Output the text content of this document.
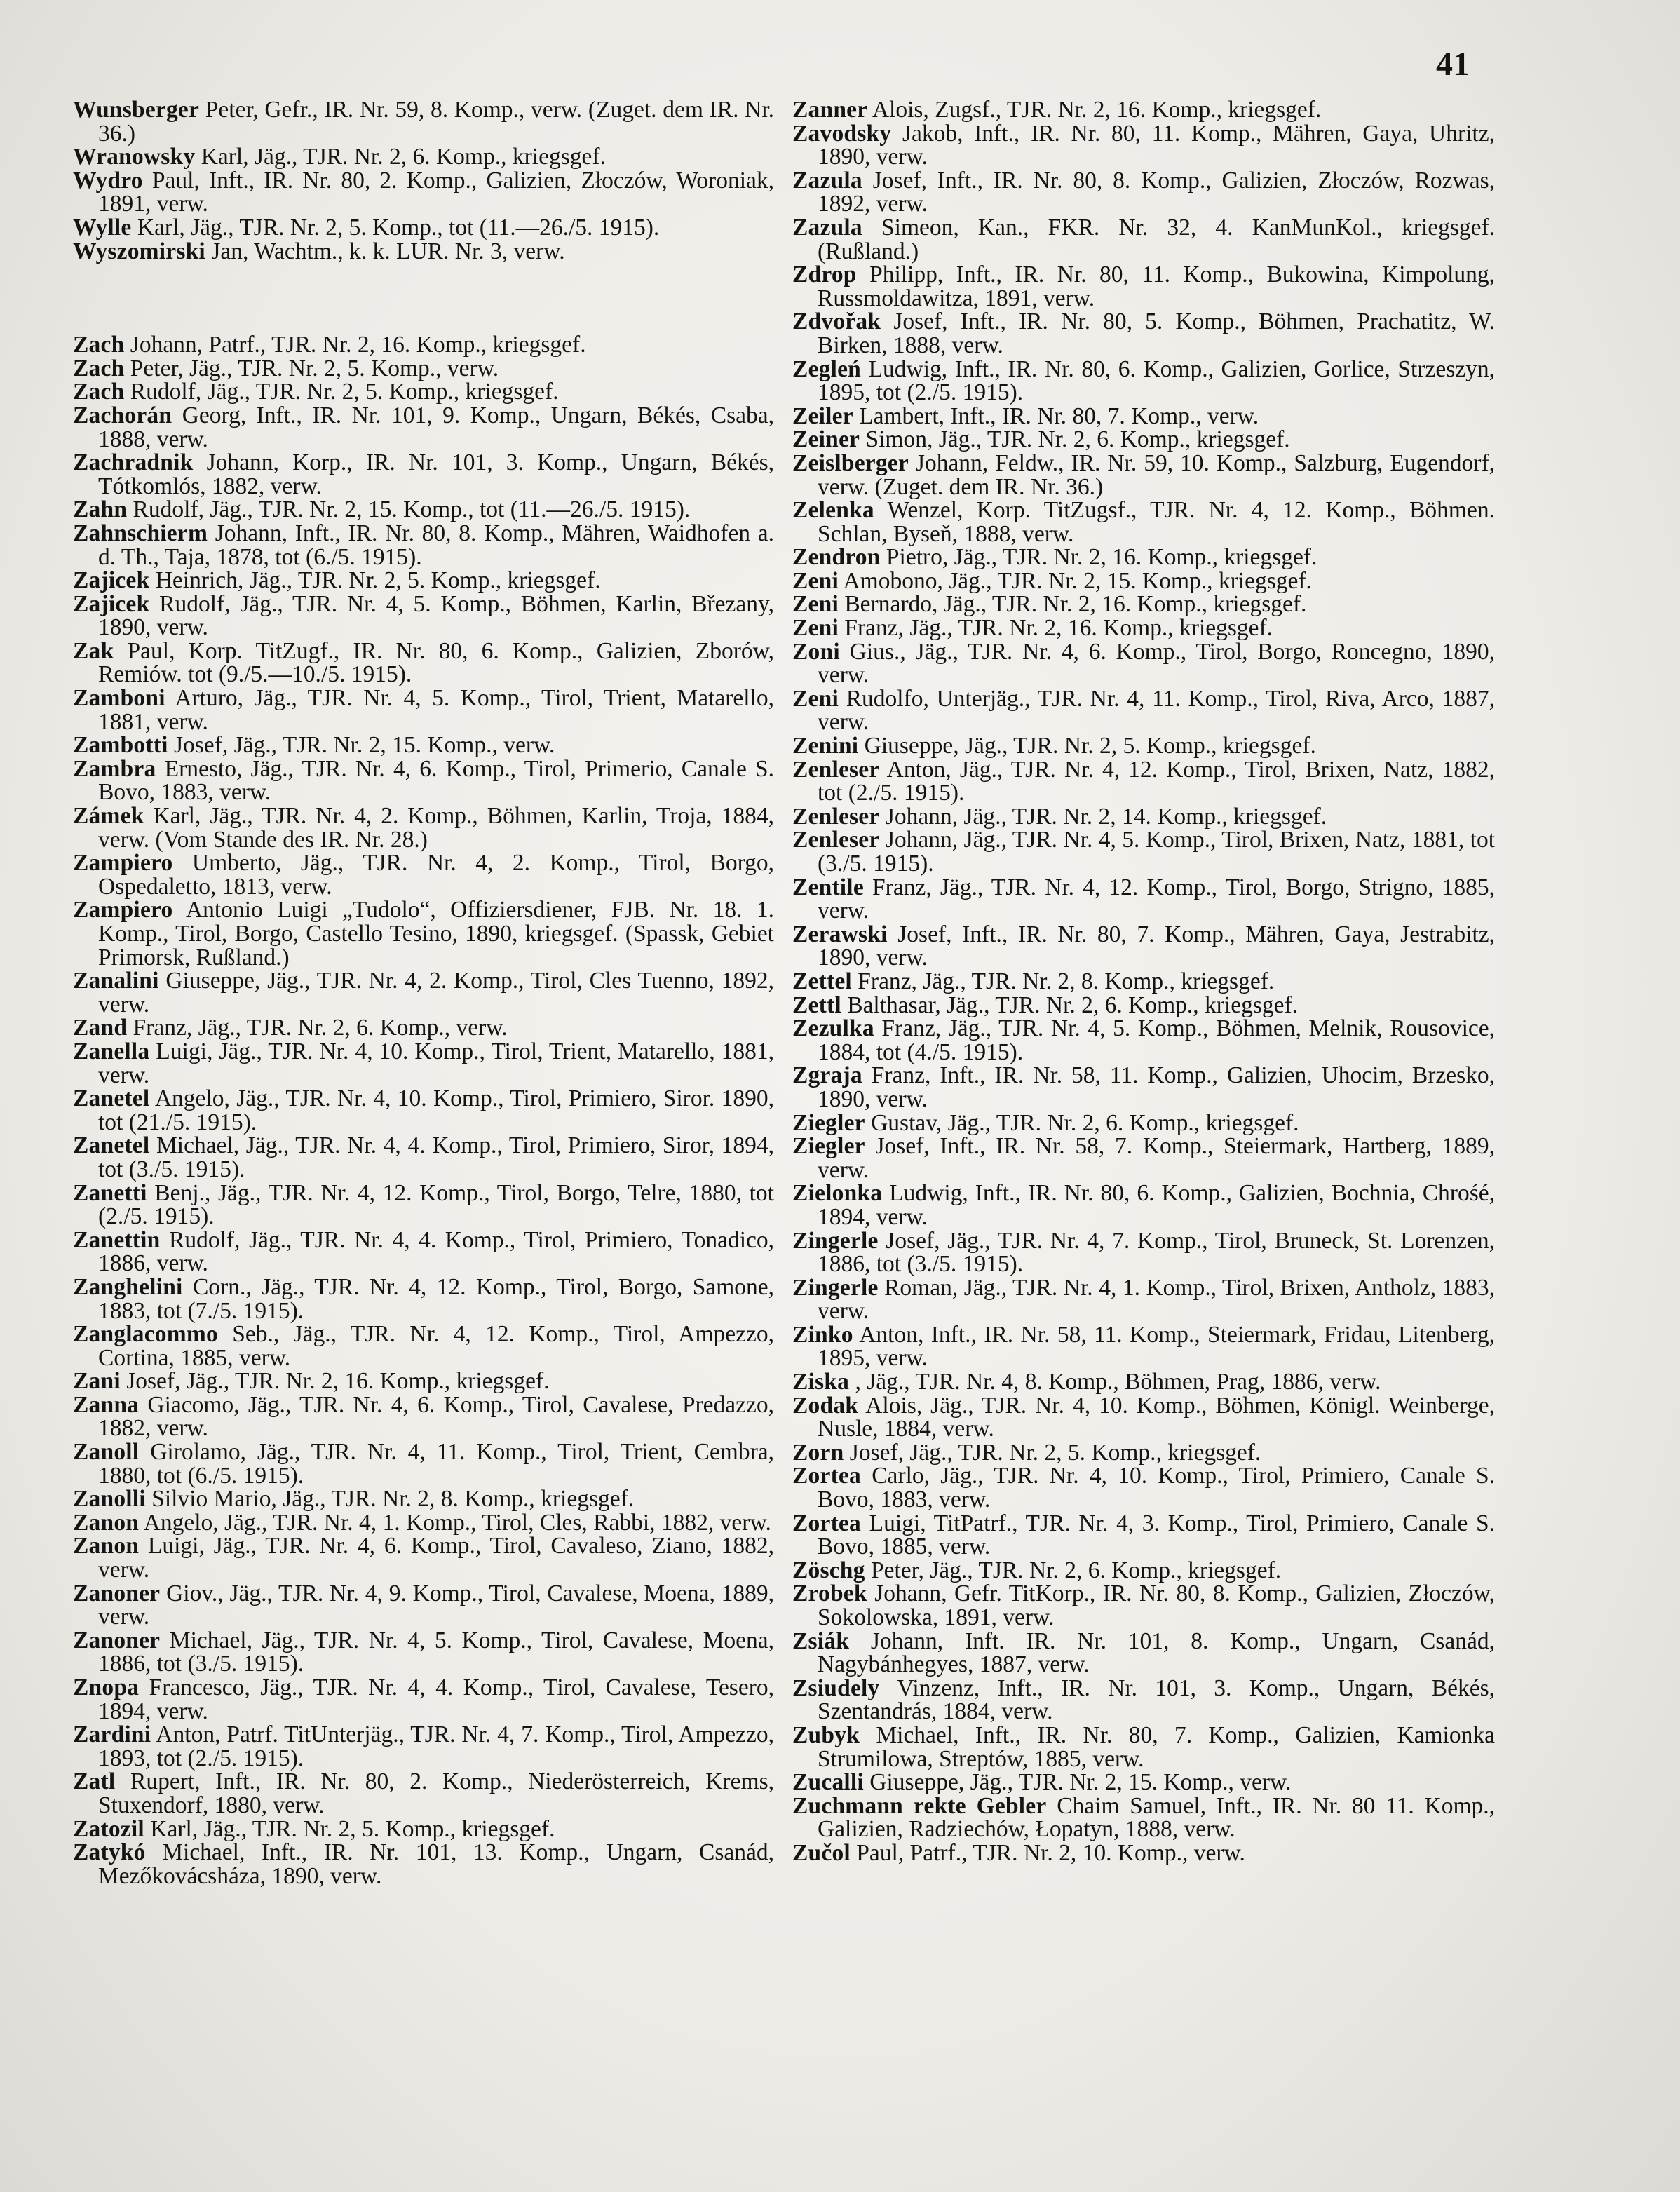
41

Wunsberger Peter, Gefr., IR. Nr. 59, 8. Komp., verw. (Zuget. dem IR. Nr. 36.)

Wranowsky Karl, Jäg., TJR. Nr. 2, 6. Komp., kriegsgef.

Wydro Paul, Inft., IR. Nr. 80, 2. Komp., Galizien, Złoczów, Woroniak, 1891, verw.

Wylle Karl, Jäg., TJR. Nr. 2, 5. Komp., tot (11.—26./5. 1915).

Wyszomirski Jan, Wachtm., k. k. LUR. Nr. 3, verw.

Zach Johann, Patrf., TJR. Nr. 2, 16. Komp., kriegsgef.

Zach Peter, Jäg., TJR. Nr. 2, 5. Komp., verw.

Zach Rudolf, Jäg., TJR. Nr. 2, 5. Komp., kriegsgef.

Zachorán Georg, Inft., IR. Nr. 101, 9. Komp., Ungarn, Békés, Csaba, 1888, verw.

Zachradnik Johann, Korp., IR. Nr. 101, 3. Komp., Ungarn, Békés, Tótkomlós, 1882, verw.

Zahn Rudolf, Jäg., TJR. Nr. 2, 15. Komp., tot (11.—26./5. 1915).

Zahnschierm Johann, Inft., IR. Nr. 80, 8. Komp., Mähren, Waidhofen a. d. Th., Taja, 1878, tot (6./5. 1915).

Zajicek Heinrich, Jäg., TJR. Nr. 2, 5. Komp., kriegsgef.

Zajicek Rudolf, Jäg., TJR. Nr. 4, 5. Komp., Böhmen, Karlin, Březany, 1890, verw.

Zak Paul, Korp. TitZugf., IR. Nr. 80, 6. Komp., Galizien, Zborów, Remiów. tot (9./5.—10./5. 1915).

Zamboni Arturo, Jäg., TJR. Nr. 4, 5. Komp., Tirol, Trient, Matarello, 1881, verw.

Zambotti Josef, Jäg., TJR. Nr. 2, 15. Komp., verw.

Zambra Ernesto, Jäg., TJR. Nr. 4, 6. Komp., Tirol, Primerio, Canale S. Bovo, 1883, verw.

Zámek Karl, Jäg., TJR. Nr. 4, 2. Komp., Böhmen, Karlin, Troja, 1884, verw. (Vom Stande des IR. Nr. 28.)

Zampiero Umberto, Jäg., TJR. Nr. 4, 2. Komp., Tirol, Borgo, Ospedaletto, 1813, verw.

Zampiero Antonio Luigi „Tudolo“, Offiziersdiener, FJB. Nr. 18. 1. Komp., Tirol, Borgo, Castello Tesino, 1890, kriegsgef. (Spassk, Gebiet Primorsk, Rußland.)

Zanalini Giuseppe, Jäg., TJR. Nr. 4, 2. Komp., Tirol, Cles Tuenno, 1892, verw.

Zand Franz, Jäg., TJR. Nr. 2, 6. Komp., verw.

Zanella Luigi, Jäg., TJR. Nr. 4, 10. Komp., Tirol, Trient, Matarello, 1881, verw.

Zanetel Angelo, Jäg., TJR. Nr. 4, 10. Komp., Tirol, Primiero, Siror. 1890, tot (21./5. 1915).

Zanetel Michael, Jäg., TJR. Nr. 4, 4. Komp., Tirol, Primiero, Siror, 1894, tot (3./5. 1915).

Zanetti Benj., Jäg., TJR. Nr. 4, 12. Komp., Tirol, Borgo, Telre, 1880, tot (2./5. 1915).

Zanettin Rudolf, Jäg., TJR. Nr. 4, 4. Komp., Tirol, Primiero, Tonadico, 1886, verw.

Zanghelini Corn., Jäg., TJR. Nr. 4, 12. Komp., Tirol, Borgo, Samone, 1883, tot (7./5. 1915).

Zanglacommo Seb., Jäg., TJR. Nr. 4, 12. Komp., Tirol, Ampezzo, Cortina, 1885, verw.

Zani Josef, Jäg., TJR. Nr. 2, 16. Komp., kriegsgef.

Zanna Giacomo, Jäg., TJR. Nr. 4, 6. Komp., Tirol, Cavalese, Predazzo, 1882, verw.

Zanoll Girolamo, Jäg., TJR. Nr. 4, 11. Komp., Tirol, Trient, Cembra, 1880, tot (6./5. 1915).

Zanolli Silvio Mario, Jäg., TJR. Nr. 2, 8. Komp., kriegsgef.

Zanon Angelo, Jäg., TJR. Nr. 4, 1. Komp., Tirol, Cles, Rabbi, 1882, verw.

Zanon Luigi, Jäg., TJR. Nr. 4, 6. Komp., Tirol, Cavaleso, Ziano, 1882, verw.

Zanoner Giov., Jäg., TJR. Nr. 4, 9. Komp., Tirol, Cavalese, Moena, 1889, verw.

Zanoner Michael, Jäg., TJR. Nr. 4, 5. Komp., Tirol, Cavalese, Moena, 1886, tot (3./5. 1915).

Znopa Francesco, Jäg., TJR. Nr. 4, 4. Komp., Tirol, Cavalese, Tesero, 1894, verw.

Zardini Anton, Patrf. TitUnterjäg., TJR. Nr. 4, 7. Komp., Tirol, Ampezzo, 1893, tot (2./5. 1915).

Zatl Rupert, Inft., IR. Nr. 80, 2. Komp., Niederösterreich, Krems, Stuxendorf, 1880, verw.

Zatozil Karl, Jäg., TJR. Nr. 2, 5. Komp., kriegsgef.

Zatykó Michael, Inft., IR. Nr. 101, 13. Komp., Ungarn, Csanád, Mezőkovácsháza, 1890, verw.

Zanner Alois, Zugsf., TJR. Nr. 2, 16. Komp., kriegsgef.

Zavodsky Jakob, Inft., IR. Nr. 80, 11. Komp., Mähren, Gaya, Uhritz, 1890, verw.

Zazula Josef, Inft., IR. Nr. 80, 8. Komp., Galizien, Złoczów, Rozwas, 1892, verw.

Zazula Simeon, Kan., FKR. Nr. 32, 4. KanMunKol., kriegsgef. (Rußland.)

Zdrop Philipp, Inft., IR. Nr. 80, 11. Komp., Bukowina, Kimpolung, Russmoldawitza, 1891, verw.

Zdvořak Josef, Inft., IR. Nr. 80, 5. Komp., Böhmen, Prachatitz, W. Birken, 1888, verw.

Zegleń Ludwig, Inft., IR. Nr. 80, 6. Komp., Galizien, Gorlice, Strzeszyn, 1895, tot (2./5. 1915).

Zeiler Lambert, Inft., IR. Nr. 80, 7. Komp., verw.

Zeiner Simon, Jäg., TJR. Nr. 2, 6. Komp., kriegsgef.

Zeislberger Johann, Feldw., IR. Nr. 59, 10. Komp., Salzburg, Eugendorf, verw. (Zuget. dem IR. Nr. 36.)

Zelenka Wenzel, Korp. TitZugsf., TJR. Nr. 4, 12. Komp., Böhmen. Schlan, Byseň, 1888, verw.

Zendron Pietro, Jäg., TJR. Nr. 2, 16. Komp., kriegsgef.

Zeni Amobono, Jäg., TJR. Nr. 2, 15. Komp., kriegsgef.

Zeni Bernardo, Jäg., TJR. Nr. 2, 16. Komp., kriegsgef.

Zeni Franz, Jäg., TJR. Nr. 2, 16. Komp., kriegsgef.

Zoni Gius., Jäg., TJR. Nr. 4, 6. Komp., Tirol, Borgo, Roncegno, 1890, verw.

Zeni Rudolfo, Unterjäg., TJR. Nr. 4, 11. Komp., Tirol, Riva, Arco, 1887, verw.

Zenini Giuseppe, Jäg., TJR. Nr. 2, 5. Komp., kriegsgef.

Zenleser Anton, Jäg., TJR. Nr. 4, 12. Komp., Tirol, Brixen, Natz, 1882, tot (2./5. 1915).

Zenleser Johann, Jäg., TJR. Nr. 2, 14. Komp., kriegsgef.

Zenleser Johann, Jäg., TJR. Nr. 4, 5. Komp., Tirol, Brixen, Natz, 1881, tot (3./5. 1915).

Zentile Franz, Jäg., TJR. Nr. 4, 12. Komp., Tirol, Borgo, Strigno, 1885, verw.

Zerawski Josef, Inft., IR. Nr. 80, 7. Komp., Mähren, Gaya, Jestrabitz, 1890, verw.

Zettel Franz, Jäg., TJR. Nr. 2, 8. Komp., kriegsgef.

Zettl Balthasar, Jäg., TJR. Nr. 2, 6. Komp., kriegsgef.

Zezulka Franz, Jäg., TJR. Nr. 4, 5. Komp., Böhmen, Melnik, Rousovice, 1884, tot (4./5. 1915).

Zgraja Franz, Inft., IR. Nr. 58, 11. Komp., Galizien, Uhocim, Brzesko, 1890, verw.

Ziegler Gustav, Jäg., TJR. Nr. 2, 6. Komp., kriegsgef.

Ziegler Josef, Inft., IR. Nr. 58, 7. Komp., Steiermark, Hartberg, 1889, verw.

Zielonka Ludwig, Inft., IR. Nr. 80, 6. Komp., Galizien, Bochnia, Chrośé, 1894, verw.

Zingerle Josef, Jäg., TJR. Nr. 4, 7. Komp., Tirol, Bruneck, St. Lorenzen, 1886, tot (3./5. 1915).

Zingerle Roman, Jäg., TJR. Nr. 4, 1. Komp., Tirol, Brixen, Antholz, 1883, verw.

Zinko Anton, Inft., IR. Nr. 58, 11. Komp., Steiermark, Fridau, Litenberg, 1895, verw.

Ziska , Jäg., TJR. Nr. 4, 8. Komp., Böhmen, Prag, 1886, verw.

Zodak Alois, Jäg., TJR. Nr. 4, 10. Komp., Böhmen, Königl. Weinberge, Nusle, 1884, verw.

Zorn Josef, Jäg., TJR. Nr. 2, 5. Komp., kriegsgef.

Zortea Carlo, Jäg., TJR. Nr. 4, 10. Komp., Tirol, Primiero, Canale S. Bovo, 1883, verw.

Zortea Luigi, TitPatrf., TJR. Nr. 4, 3. Komp., Tirol, Primiero, Canale S. Bovo, 1885, verw.

Zöschg Peter, Jäg., TJR. Nr. 2, 6. Komp., kriegsgef.

Zrobek Johann, Gefr. TitKorp., IR. Nr. 80, 8. Komp., Galizien, Złoczów, Sokolowska, 1891, verw.

Zsiák Johann, Inft. IR. Nr. 101, 8. Komp., Ungarn, Csanád, Nagybánhegyes, 1887, verw.

Zsiudely Vinzenz, Inft., IR. Nr. 101, 3. Komp., Ungarn, Békés, Szentandrás, 1884, verw.

Zubyk Michael, Inft., IR. Nr. 80, 7. Komp., Galizien, Kamionka Strumilowa, Streptów, 1885, verw.

Zucalli Giuseppe, Jäg., TJR. Nr. 2, 15. Komp., verw.

Zuchmann rekte Gebler Chaim Samuel, Inft., IR. Nr. 80 11. Komp., Galizien, Radziechów, Łopatyn, 1888, verw.

Zučol Paul, Patrf., TJR. Nr. 2, 10. Komp., verw.
